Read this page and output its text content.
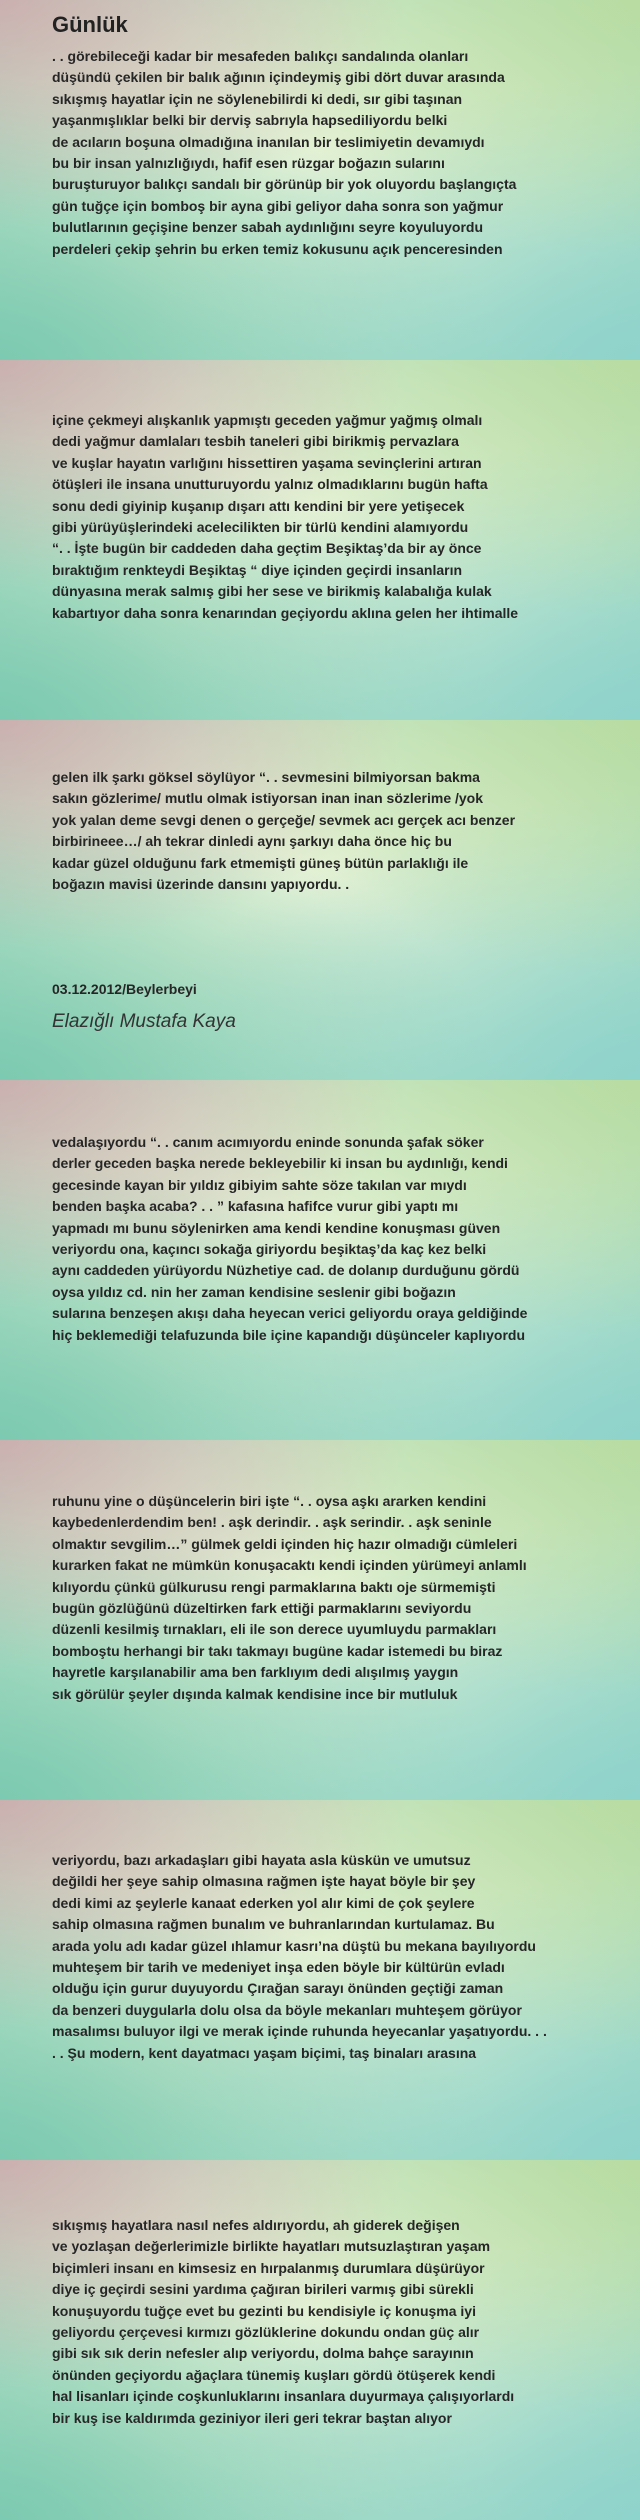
Günlük

. . görebileceği kadar bir mesafeden balıkçı sandalında olanları
düşündü çekilen bir balık ağının içindeymiş gibi dört duvar arasında
sıkışmış hayatlar için ne söylenebilirdi ki dedi, sır gibi taşınan
yaşanmışlıklar belki bir derviş sabrıyla hapsediliyordu belki
de acıların boşuna olmadığına inanılan bir teslimiyetin devamıydı
bu bir insan yalnızlığıydı, hafif esen rüzgar boğazın sularını
buruşturuyor balıkçı sandalı bir görünüp bir yok oluyordu başlangıçta
gün tuğçe için bomboş bir ayna gibi geliyor daha sonra son yağmur
bulutlarının geçişine benzer sabah aydınlığını seyre koyuluyordu
perdeleri çekip şehrin bu erken temiz kokusunu açık penceresinden

içine çekmeyi alışkanlık yapmıştı geceden yağmur yağmış olmalı
dedi yağmur damlaları tesbih taneleri gibi birikmiş pervazlara
ve kuşlar hayatın varlığını hissettiren yaşama sevinçlerini artıran
ötüşleri ile insana unutturuyordu yalnız olmadıklarını bugün hafta
sonu dedi giyinip kuşanıp dışarı attı kendini bir yere yetişecek
gibi yürüyüşlerindeki acelecilikten bir türlü kendini alamıyordu
“. . İşte bugün bir caddeden daha geçtim Beşiktaş’da bir ay önce
bıraktığım renkteydi Beşiktaş “ diye içinden geçirdi insanların
dünyasına merak salmış gibi her sese ve birikmiş kalabalığa kulak
kabartıyor daha sonra kenarından geçiyordu aklına gelen her ihtimalle

gelen ilk şarkı göksel söylüyor “. . sevmesini bilmiyorsan bakma
sakın gözlerime/ mutlu olmak istiyorsan inan inan sözlerime /yok
yok yalan deme sevgi denen o gerçeğe/ sevmek acı gerçek acı benzer
birbirineee…/ ah tekrar dinledi aynı şarkıyı daha önce hiç bu
kadar güzel olduğunu fark etmemişti güneş bütün parlaklığı ile
boğazın mavisi üzerinde dansını yapıyordu. .

03.12.2012/Beylerbeyi

Elazığlı Mustafa Kaya

vedalaşıyordu “. . canım acımıyordu eninde sonunda şafak söker
derler geceden başka nerede bekleyebilir ki insan bu aydınlığı, kendi
gecesinde kayan bir yıldız gibiyim sahte söze takılan var mıydı
benden başka acaba? . . ” kafasına hafifce vurur gibi yaptı mı
yapmadı mı bunu söylenirken ama kendi kendine konuşması güven
veriyordu ona, kaçıncı sokağa giriyordu beşiktaş’da kaç kez belki
aynı caddeden yürüyordu Nüzhetiye cad. de dolanıp durduğunu gördü
oysa yıldız cd. nin her zaman kendisine seslenir gibi boğazın
sularına benzeşen akışı daha heyecan verici geliyordu oraya geldiğinde
hiç beklemediği telafuzunda bile içine kapandığı düşünceler kaplıyordu

ruhunu yine o düşüncelerin biri işte “. . oysa aşkı ararken kendini
kaybedenlerdendim ben! . aşk derindir. . aşk serindir. . aşk seninle
olmaktır sevgilim…” gülmek geldi içinden hiç hazır olmadığı cümleleri
kurarken fakat ne mümkün konuşacaktı kendi içinden yürümeyi anlamlı
kılıyordu çünkü gülkurusu rengi parmaklarına baktı oje sürmemişti
bugün gözlüğünü düzeltirken fark ettiği parmaklarını seviyordu
düzenli kesilmiş tırnakları, eli ile son derece uyumluydu parmakları
bomboştu herhangi bir takı takmayı bugüne kadar istemedi bu biraz
hayretle karşılanabilir ama ben farklıyım dedi alışılmış yaygın
sık görülür şeyler dışında kalmak kendisine ince bir mutluluk

veriyordu, bazı arkadaşları gibi hayata asla küskün ve umutsuz
değildi her şeye sahip olmasına rağmen işte hayat böyle bir şey
dedi kimi az şeylerle kanaat ederken yol alır kimi de çok şeylere
sahip olmasına rağmen bunalım ve buhranlarından kurtulamaz. Bu
arada yolu adı kadar güzel ıhlamur kasrı’na düştü bu mekana bayılıyordu
muhteşem bir tarih ve medeniyet inşa eden böyle bir kültürün evladı
olduğu için gurur duyuyordu Çırağan sarayı önünden geçtiği zaman
da benzeri duygularla dolu olsa da böyle mekanları muhteşem görüyor
masalımsı buluyor ilgi ve merak içinde ruhunda heyecanlar yaşatıyordu. . .
. . Şu modern, kent dayatmacı yaşam biçimi, taş binaları arasına

sıkışmış hayatlara nasıl nefes aldırıyordu, ah giderek değişen
ve yozlaşan değerlerimizle birlikte hayatları mutsuzlaştıran yaşam
biçimleri insanı en kimsesiz en hırpalanmış durumlara düşürüyor
diye iç geçirdi sesini yardıma çağıran birileri varmış gibi sürekli
konuşuyordu tuğçe evet bu gezinti bu kendisiyle iç konuşma iyi
geliyordu çerçevesi kırmızı gözlüklerine dokundu ondan güç alır
gibi sık sık derin nefesler alıp veriyordu, dolma bahçe sarayının
önünden geçiyordu ağaçlara tünemiş kuşları gördü ötüşerek kendi
hal lisanları içinde coşkunluklarını insanlara duyurmaya çalışıyorlardı
bir kuş ise kaldırımda geziniyor ileri geri tekrar baştan alıyor
